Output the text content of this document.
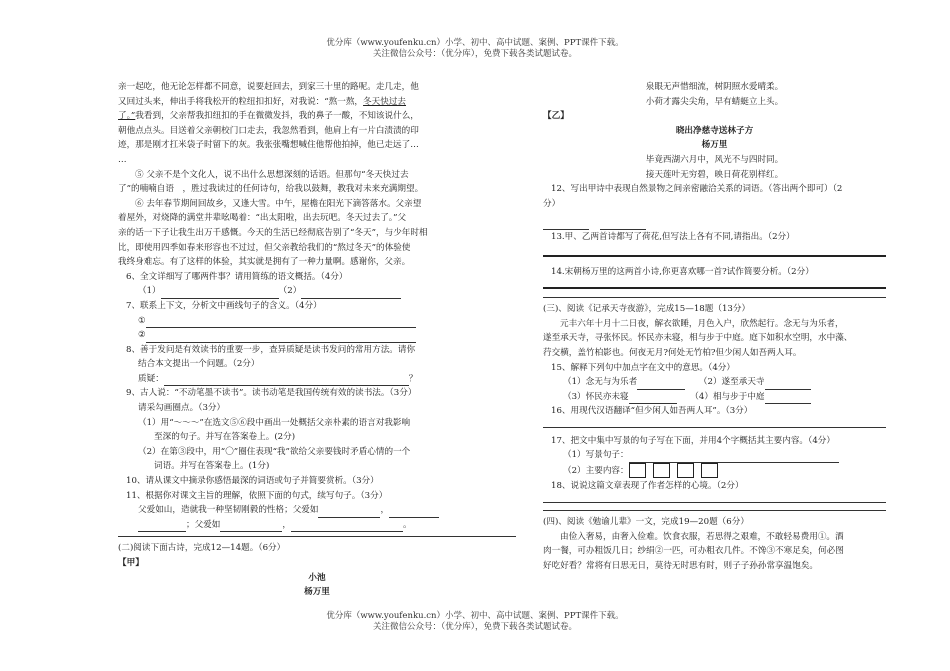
优分库（www.youfenku.cn）小学、初中、高中试题、案例、PPT课件下载。
关注微信公众号：（优分库），免费下载各类试题试卷。

亲一起吃，他无论怎样都不同意，说要赶回去，到家三十里的路呢。走几走，他

又回过头来，伸出手将我松开的粒纽扣扣好，对我说：“熬一熬，冬天快过去

了。”我看到，父亲帮我扣纽扣的手在微微发抖，我的鼻子一酸，不知该说什么，

朝他点点头。目送着父亲朝校门口走去，我忽然看到，他肩上有一片白渍渍的印

迹，那是刚才扛米袋子时留下的灰。我张张嘴想喊住他帮他拍掉，他已走远了…

…

⑤ 父亲不是个文化人，说不出什么思想深刻的话语。但那句“冬天快过去

了”的喃喃自语　，胜过我读过的任何诗句，给我以鼓舞，教我对未来充满期望。

⑥ 去年春节期间回故乡，又逢大雪。中午，屋檐在阳光下滴答落水。父亲望

着屋外，对烧降的满堂井辈吆喝着：“出太阳啦，出去玩吧。冬天过去了。”父

亲的话一下子让我生出万千感慨。今天的生活已经彻底告别了“冬天”，与少年时相

比，即使用四季如春来形容也不过过，但父亲教给我们的“熬过冬天”的体验使

我终身难忘。有了这样的体验，其实就是拥有了一种力量啊。感谢你，父亲。

6、全文详细写了哪两件事？请用简练的语文概括。（4分）

（1）	（2）

7、联系上下文，分析文中画线句子的含义。（4分）

①

②

8、善于发问是有效读书的重要一步，查异质疑是读书发问的常用方法。请你

结合本文提出一个问题。（2分）

质疑：	？

9、古人说：“不动笔墨不读书”。读书动笔是我国传统有效的读书法。（3分）

请采勾画圈点。（3分）

（1）用“～～～”在选文⑤⑥段中画出一处概括父亲朴素的语言对我影响

至深的句子。并写在答案卷上。(2分)

（2）在第③段中，用“〇”圈住表现“我”欲给父亲要钱时矛盾心情的一个

词语。并写在答案卷上。(1分)

10、请从课文中摘录你感悟最深的词语或句子并简要赏析。（3分）

11、根据你对课文主旨的理解，依照下面的句式，续写句子。（3分）

父爱如山，造就我一种坚韧刚毅的性格；父爱如	，

；父爱如	，	。

(二)阅读下面古诗，完成12—14题。（6分）

【甲】

小池

杨万里

泉眼无声惜细流，树阴照水爱晴柔。

小荷才露尖尖角，早有蜻蜓立上头。

【乙】

晓出净慈寺送林子方

杨万里

毕竟西湖六月中，风光不与四时同。

接天莲叶无穷碧，映日荷花别样红。

12、写出甲诗中表现自然景物之间亲密融洽关系的词语。（答出两个即可）（2

分）

13.甲、乙两首诗都写了荷花,但写法上各有不同,请指出。（2分）

14.宋朝杨万里的这两首小诗,你更喜欢哪一首?试作简要分析。（2分）

(三)、阅读《记承天寺夜游》，完成15—18题（13分）

元丰六年十月十二日夜，解衣欲睡，月色入户，欣然起行。念无与为乐者，

遂至承天寺，寻张怀民。怀民亦未寝，相与步于中庭。庭下如积水空明，水中藻、

荇交横，盖竹柏影也。何夜无月?何处无竹柏?但少闲人如吾两人耳。

15、解释下列句中加点字在文中的意思。（4分）

（1）念无与为乐者	（2）遂至承天寺

（3）怀民亦未寝	（4）相与步于中庭

16、用现代汉语翻译“但少闲人如吾两人耳”。（3分）

17、把文中集中写景的句子写在下面，并用4个字概括其主要内容。（4分）

（1）写景句子：

（2）主要内容：

18、说说这篇文章表现了作者怎样的心境。（2分）

(四)、阅读《勉谕儿辈》一文，完成19—20题（6分）

由俭入奢易，由奢入俭难。饮食衣服，若思得之艰难，不敢轻易费用①。酒

肉一餐，可办粗饭几日；纱绢②一匹，可办粗衣几件。不馋③不寒足矣，何必图

好吃好看？常将有日思无日，莫待无时思有时，则子子孙孙常享温饱矣。

优分库（www.youfenku.cn）小学、初中、高中试题、案例、PPT课件下载。
关注微信公众号：（优分库），免费下载各类试题试卷。
